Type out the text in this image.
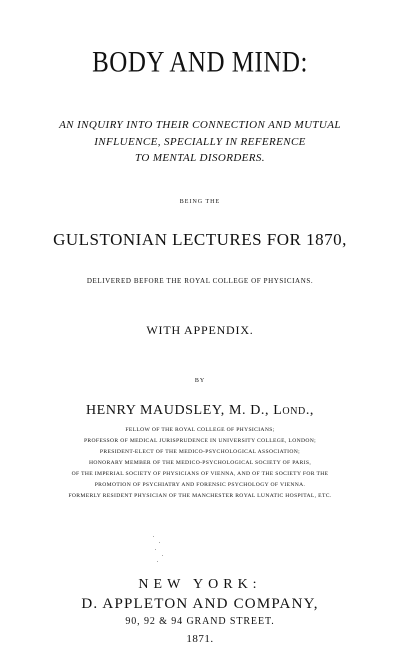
BODY AND MIND:
AN INQUIRY INTO THEIR CONNECTION AND MUTUAL
INFLUENCE, SPECIALLY IN REFERENCE
TO MENTAL DISORDERS.
BEING THE
GULSTONIAN LECTURES FOR 1870,
DELIVERED BEFORE THE ROYAL COLLEGE OF PHYSICIANS.
WITH APPENDIX.
BY
HENRY MAUDSLEY, M. D., Lond.,
FELLOW OF THE ROYAL COLLEGE OF PHYSICIANS;
PROFESSOR OF MEDICAL JURISPRUDENCE IN UNIVERSITY COLLEGE, LONDON;
PRESIDENT-ELECT OF THE MEDICO-PSYCHOLOGICAL ASSOCIATION;
HONORARY MEMBER OF THE MEDICO-PSYCHOLOGICAL SOCIETY OF PARIS,
OF THE IMPERIAL SOCIETY OF PHYSICIANS OF VIENNA, AND OF THE SOCIETY FOR THE
PROMOTION OF PSYCHIATRY AND FORENSIC PSYCHOLOGY OF VIENNA.
FORMERLY RESIDENT PHYSICIAN OF THE MANCHESTER ROYAL LUNATIC HOSPITAL, ETC.
NEW YORK:
D. APPLETON AND COMPANY,
90, 92 & 94 GRAND STREET.
1871.
